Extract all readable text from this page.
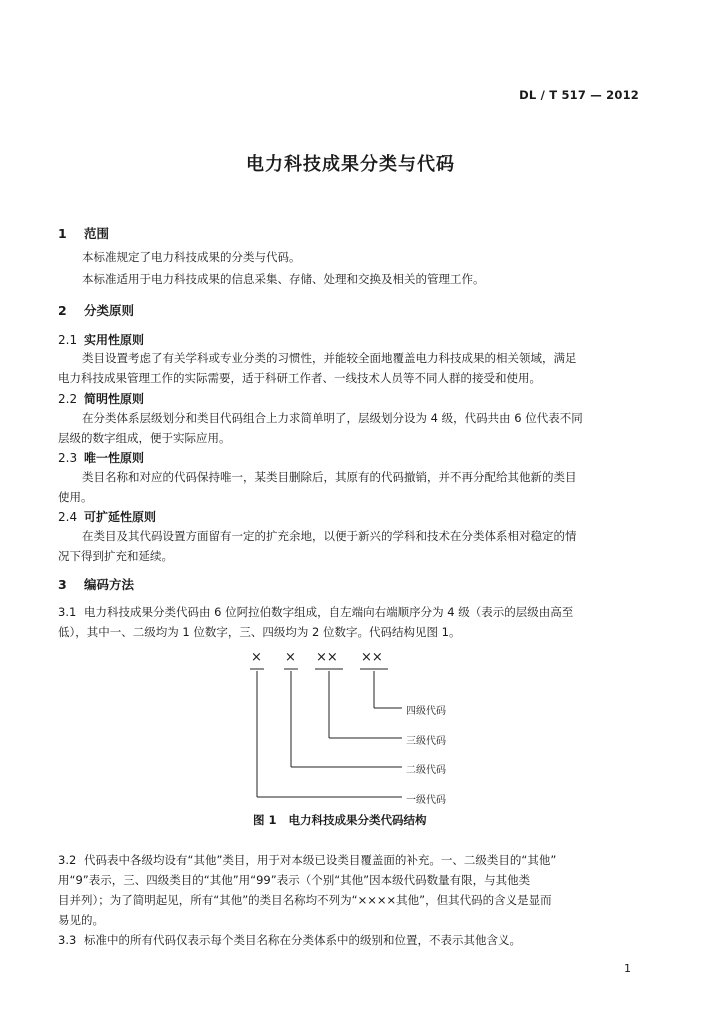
DL / T 517 — 2012
电力科技成果分类与代码
1 范围
本标准规定了电力科技成果的分类与代码。
本标准适用于电力科技成果的信息采集、存储、处理和交换及相关的管理工作。
2 分类原则
2.1 实用性原则
类目设置考虑了有关学科或专业分类的习惯性，并能较全面地覆盖电力科技成果的相关领域，满足
电力科技成果管理工作的实际需要，适于科研工作者、一线技术人员等不同人群的接受和使用。
2.2 简明性原则
在分类体系层级划分和类目代码组合上力求简单明了，层级划分设为 4 级，代码共由 6 位代表不同
层级的数字组成，便于实际应用。
2.3 唯一性原则
类目名称和对应的代码保持唯一，某类目删除后，其原有的代码撤销，并不再分配给其他新的类目
使用。
2.4 可扩延性原则
在类目及其代码设置方面留有一定的扩充余地，以便于新兴的学科和技术在分类体系相对稳定的情
况下得到扩充和延续。
3 编码方法
3.1 电力科技成果分类代码由 6 位阿拉伯数字组成，自左端向右端顺序分为 4 级（表示的层级由高至
低），其中一、二级均为 1 位数字，三、四级均为 2 位数字。代码结构见图 1。
× × ×× ××
四级代码
三级代码
二级代码
一级代码
图 1 电力科技成果分类代码结构
3.2 代码表中各级均设有“其他”类目，用于对本级已设类目覆盖面的补充。一、二级类目的“其他”
用“9”表示，三、四级类目的“其他”用“99”表示（个别“其他”因本级代码数量有限，与其他类
目并列）；为了简明起见，所有“其他”的类目名称均不列为“××××其他”，但其代码的含义是显而
易见的。
3.3 标准中的所有代码仅表示每个类目名称在分类体系中的级别和位置，不表示其他含义。
1
